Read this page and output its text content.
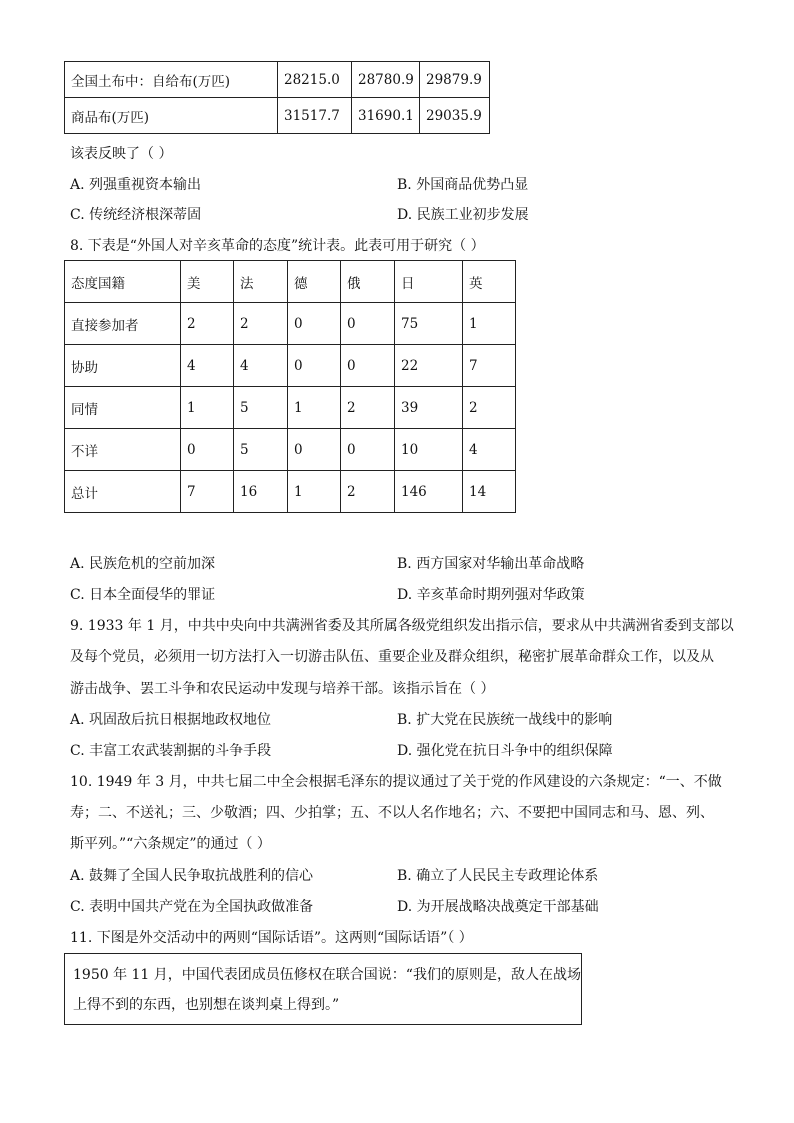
全国土布中：自给布(万匹)	28215.0	28780.9	29879.9
商品布(万匹)	31517.7	31690.1	29035.9
该表反映了（ ）
A. 列强重视资本输出	B. 外国商品优势凸显
C. 传统经济根深蒂固	D. 民族工业初步发展
8. 下表是“外国人对辛亥革命的态度”统计表。此表可用于研究（ ）
态度国籍	美	法	德	俄	日	英
直接参加者	2	2	0	0	75	1
协助	4	4	0	0	22	7
同情	1	5	1	2	39	2
不详	0	5	0	0	10	4
总计	7	16	1	2	146	14
A. 民族危机的空前加深	B. 西方国家对华输出革命战略
C. 日本全面侵华的罪证	D. 辛亥革命时期列强对华政策
9. 1933 年 1 月，中共中央向中共满洲省委及其所属各级党组织发出指示信，要求从中共满洲省委到支部以
及每个党员，必须用一切方法打入一切游击队伍、重要企业及群众组织，秘密扩展革命群众工作，以及从
游击战争、罢工斗争和农民运动中发现与培养干部。该指示旨在（ ）
A. 巩固敌后抗日根据地政权地位	B. 扩大党在民族统一战线中的影响
C. 丰富工农武装割据的斗争手段	D. 强化党在抗日斗争中的组织保障
10. 1949 年 3 月，中共七届二中全会根据毛泽东的提议通过了关于党的作风建设的六条规定：“一、不做
寿；二、不送礼；三、少敬酒；四、少拍掌；五、不以人名作地名；六、不要把中国同志和马、恩、列、
斯平列。”“六条规定”的通过（ ）
A. 鼓舞了全国人民争取抗战胜利的信心	B. 确立了人民民主专政理论体系
C. 表明中国共产党在为全国执政做准备	D. 为开展战略决战奠定干部基础
11. 下图是外交活动中的两则“国际话语”。这两则“国际话语”（ ）
1950 年 11 月，中国代表团成员伍修权在联合国说：“我们的原则是，敌人在战场
上得不到的东西，也别想在谈判桌上得到。”
